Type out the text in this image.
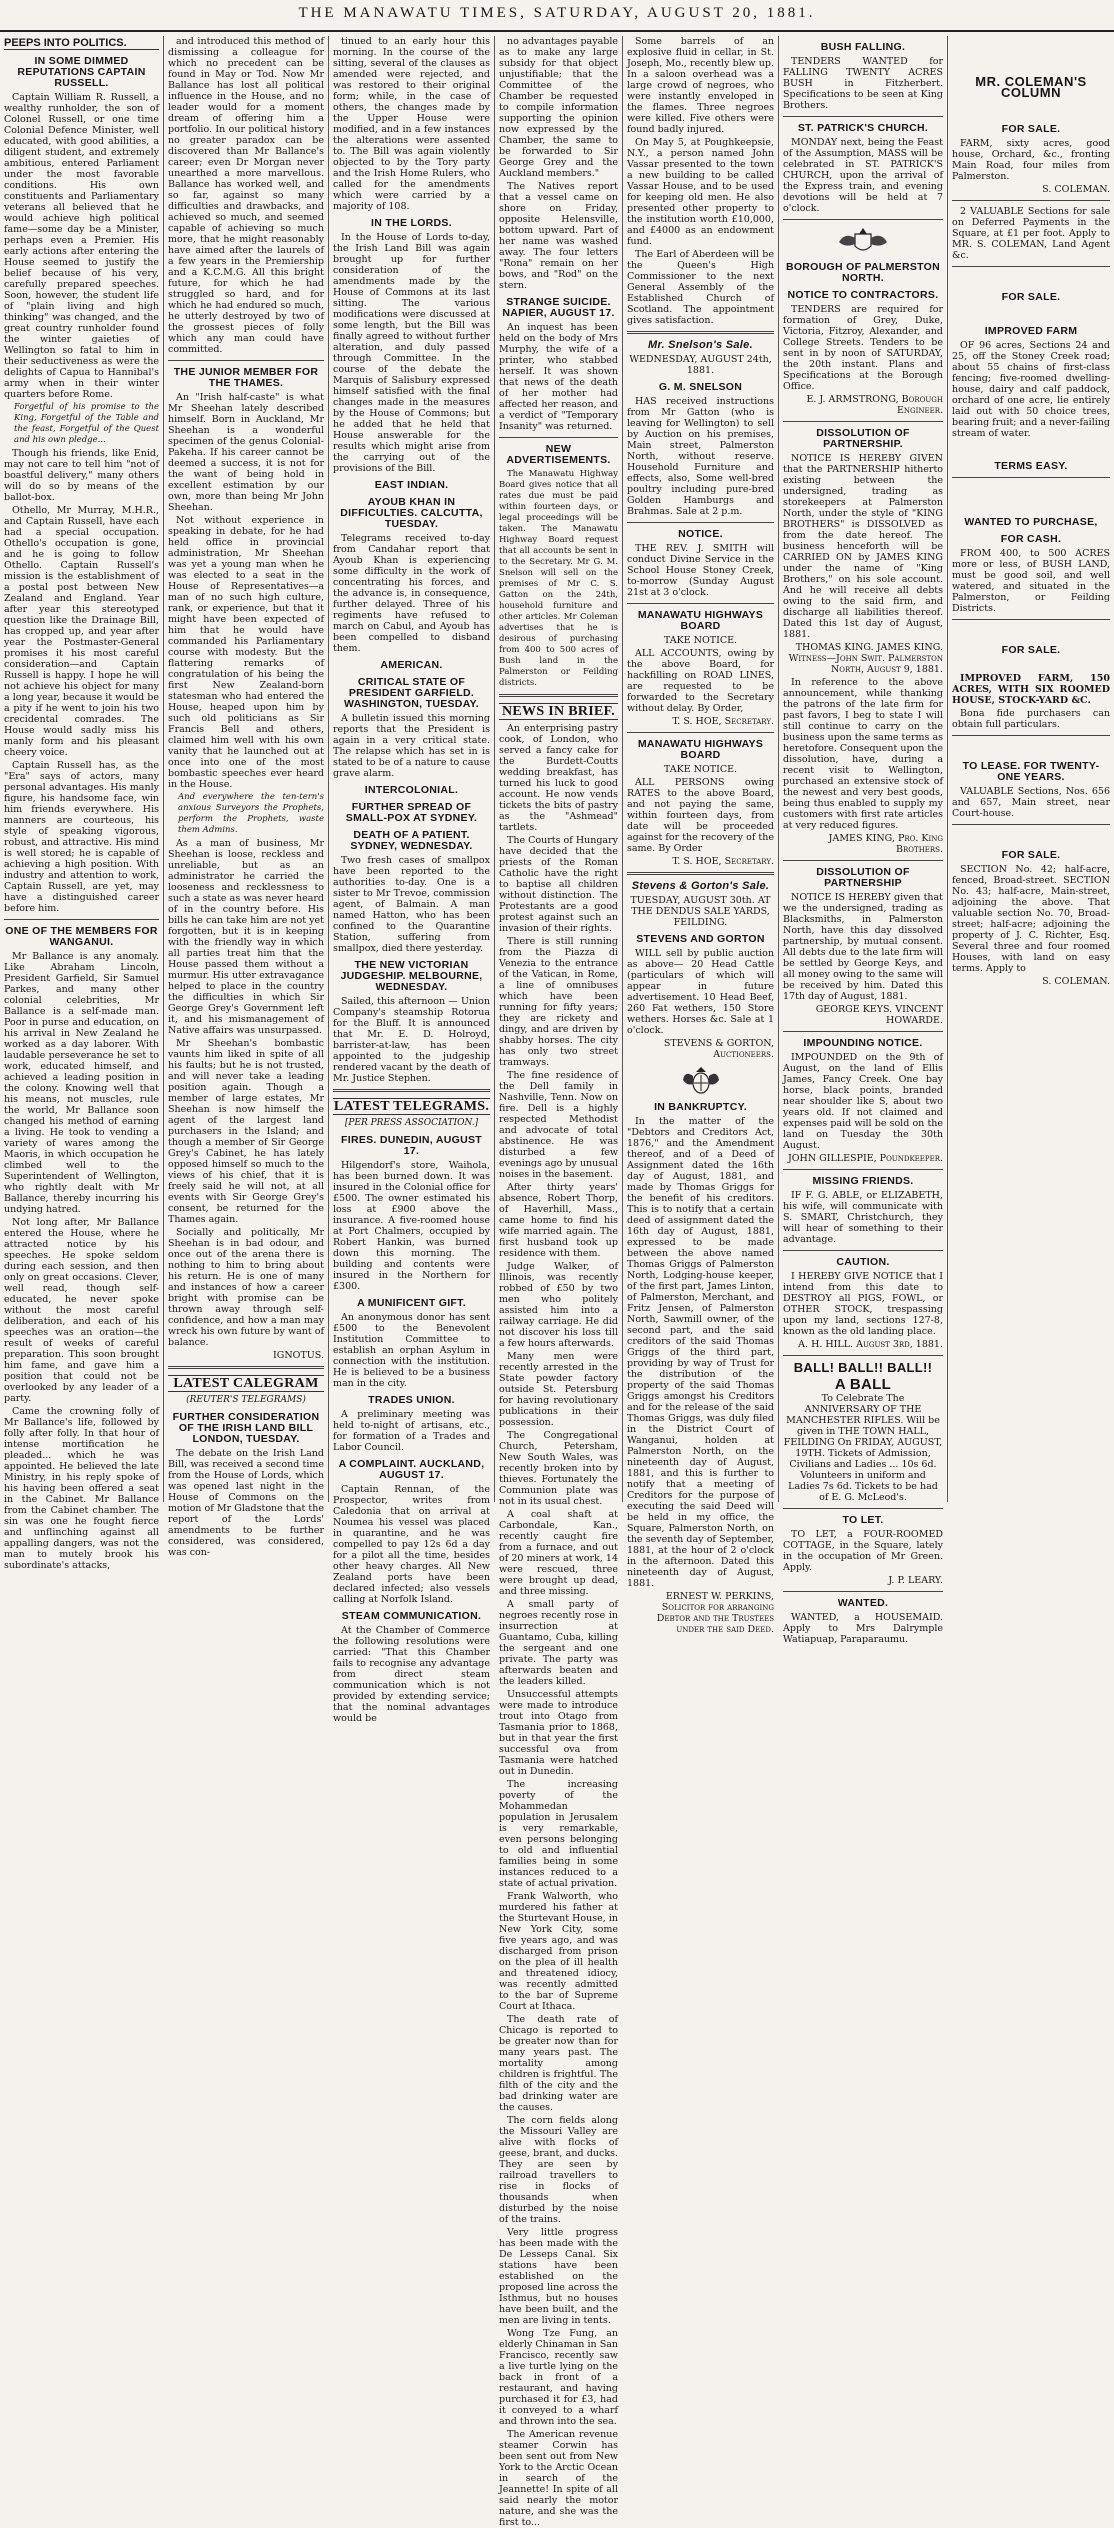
THE MANAWATU TIMES, SATURDAY, AUGUST 20, 1881.
PEEPS INTO POLITICS.
IN SOME DIMMED REPUTATIONS CAPTAIN RUSSELL.

Captain William R. Russell, a wealthy runholder, the son of Colonel Russell, or one time Colonial Defence Minister, well educated, with good abilities, a diligent student, and extremely ambitious, entered Parliament under the most favorable conditions. His own constituents and Parliamentary veterans all believed that he would achieve high political fame—some day be a Minister, perhaps even a Premier. His early actions after entering the House seemed to justify the belief because of his very, carefully prepared speeches. Soon, however, the student life of "plain living and high thinking" was changed, and the great country runholder found the winter gaieties of Wellington so fatal to him in their seductiveness as were the delights of Capua to Hannibal's army when in their winter quarters before Rome.

Forgetful of his promise to the King, Forgetful of the Table and the feast, Forgetful of the Quest and his own pledge...

Though his friends, like Enid, may not care to tell him "not of boastful delivery," many others will do so by means of the ballot-box.

Othello, Mr Murray, M.H.R., and Captain Russell, have each had a special occupation. Othello's occupation is gone, and he is going to follow Othello. Captain Russell's mission is the establishment of a postal post between New Zealand and England. Year after year this stereotyped question like the Drainage Bill, has cropped up, and year after year the Postmaster-General promises it his most careful consideration—and Captain Russell is happy. I hope he will not achieve his object for many a long year, because it would be a pity if he went to join his two crecidental comrades. The House would sadly miss his manly form and his pleasant cheery voice.

Captain Russell has, as the "Era" says of actors, many personal advantages. His manly figure, his handsome face, win him friends everywhere. His manners are courteous, his style of speaking vigorous, robust, and attractive. His mind is well stored; he is capable of achieving a high position. With industry and attention to work, Captain Russell, are yet, may have a distinguished career before him.

ONE OF THE MEMBERS FOR WANGANUI.

Mr Ballance is any anomaly. Like Abraham Lincoln, President Garfield, Sir Samuel Parkes, and many other colonial celebrities, Mr Ballance is a self-made man. Poor in purse and education, on his arrival in New Zealand he worked as a day laborer. With laudable perseverance he set to work, educated himself, and achieved a leading position in the colony. Knowing well that his means, not muscles, rule the world, Mr Ballance soon changed his method of earning a living. He took to vending a variety of wares among the Maoris, in which occupation he climbed well to the Superintendent of Wellington, who rightly dealt with Mr Ballance, thereby incurring his undying hatred.

Not long after, Mr Ballance entered the House, where he attracted notice by his speeches. He spoke seldom during each session, and then only on great occasions. Clever, well read, though self-educated, he never spoke without the most careful deliberation, and each of his speeches was an oration—the result of weeks of careful preparation. This soon brought him fame, and gave him a position that could not be overlooked by any leader of a party.

Came the crowning folly of Mr Ballance's life, followed by folly after folly. In that hour of intense mortification he pleaded... which he was appointed. He believed the late Ministry, in his reply spoke of his having been offered a seat in the Cabinet. Mr Ballance from the Cabinet chamber. The sin was one he fought fierce and unflinching against all appalling dangers, was not the man to mutely brook his subordinate's attacks,

and introduced this method of dismissing a colleague for which no precedent can be found in May or Tod. Now Mr Ballance has lost all political influence in the House, and no leader would for a moment dream of offering him a portfolio. In our political history no greater paradox can be discovered than Mr Ballance's career; even Dr Morgan never unearthed a more marvellous. Ballance has worked well, and so far, against so many difficulties and drawbacks, and achieved so much, and seemed capable of achieving so much more, that he might reasonably have aimed after the laurels of a few years in the Premiership and a K.C.M.G. All this bright future, for which he had struggled so hard, and for which he had endured so much, he utterly destroyed by two of the grossest pieces of folly which any man could have committed.

THE JUNIOR MEMBER FOR THE THAMES.

An "Irish half-caste" is what Mr Sheehan lately described himself. Born in Auckland, Mr Sheehan is a wonderful specimen of the genus Colonial-Pakeha. If his career cannot be deemed a success, it is not for the want of being hold in excellent estimation by our own, more than being Mr John Sheehan.

Not without experience in speaking in debate, for he had held office in provincial administration, Mr Sheehan was yet a young man when he was elected to a seat in the House of Representatives—a man of no such high culture, rank, or experience, but that it might have been expected of him that he would have commanded his Parliamentary course with modesty. But the flattering remarks of congratulation of his being the first New Zealand-born statesman who had entered the House, heaped upon him by such old politicians as Sir Francis Bell and others, claimed him well with his own vanity that he launched out at once into one of the most bombastic speeches ever heard in the House.

And everywhere the ten-tern's anxious Surveyors the Prophets, perform the Prophets, waste them Admins.

As a man of business, Mr Sheehan is loose, reckless and unreliable, but as an administrator he carried the looseness and recklessness to such a state as was never heard of in the country before. His bills he can take him are not yet forgotten, but it is in keeping with the friendly way in which all parties treat him that the House passed them without a murmur. His utter extravagance helped to place in the country the difficulties in which Sir George Grey's Government left it, and his mismanagement of Native affairs was unsurpassed.

Mr Sheehan's bombastic vaunts him liked in spite of all his faults; but he is not trusted, and will never take a leading position again. Though a member of large estates, Mr Sheehan is now himself the agent of the largest land purchasers in the Island; and though a member of Sir George Grey's Cabinet, he has lately opposed himself so much to the views of his chief, that it is freely said he will not, at all events with Sir George Grey's consent, be returned for the Thames again.

Socially and politically, Mr Sheehan is in bad odour, and once out of the arena there is nothing to him to bring about his return. He is one of many and instances of how a career bright with promise can be thrown away through self-confidence, and how a man may wreck his own future by want of balance.

IGNOTUS.
LATEST CALEGRAM
(REUTER'S TELEGRAMS)
FURTHER CONSIDERATION OF THE IRISH LAND BILL LONDON, TUESDAY.

The debate on the Irish Land Bill, was received a second time from the House of Lords, which was opened last night in the House of Commons on the motion of Mr Gladstone that the report of the Lords' amendments to be further considered, was considered, was con-

tinued to an early hour this morning. In the course of the sitting, several of the clauses as amended were rejected, and was restored to their original form; while, in the case of others, the changes made by the Upper House were modified, and in a few instances the alterations were assented to. The Bill was again violently objected to by the Tory party and the Irish Home Rulers, who called for the amendments which were carried by a majority of 108.

IN THE LORDS.

In the House of Lords to-day, the Irish Land Bill was again brought up for further consideration of the amendments made by the House of Commons at its last sitting. The various modifications were discussed at some length, but the Bill was finally agreed to without further alteration, and duly passed through Committee. In the course of the debate the Marquis of Salisbury expressed himself satisfied with the final changes made in the measures by the House of Commons; but he added that he held that House answerable for the results which might arise from the carrying out of the provisions of the Bill.

EAST INDIAN.
AYOUB KHAN IN DIFFICULTIES. CALCUTTA, TUESDAY.

Telegrams received to-day from Candahar report that Ayoub Khan is experiencing some difficulty in the work of concentrating his forces, and the advance is, in consequence, further delayed. Three of his regiments have refused to march on Cabul, and Ayoub has been compelled to disband them.

AMERICAN.
CRITICAL STATE OF PRESIDENT GARFIELD. WASHINGTON, TUESDAY.

A bulletin issued this morning reports that the President is again in a very critical state. The relapse which has set in is stated to be of a nature to cause grave alarm.

INTERCOLONIAL.
FURTHER SPREAD OF SMALL-POX AT SYDNEY.
DEATH OF A PATIENT. SYDNEY, WEDNESDAY.

Two fresh cases of smallpox have been reported to the authorities to-day. One is a sister to Mr Trevoe, commission agent, of Balmain. A man named Hatton, who has been confined to the Quarantine Station, suffering from smallpox, died there yesterday.

THE NEW VICTORIAN JUDGESHIP. MELBOURNE, WEDNESDAY.

Sailed, this afternoon — Union Company's steamship Rotorua for the Bluff. It is announced that Mr. E. D. Holroyd, barrister-at-law, has been appointed to the judgeship rendered vacant by the death of Mr. Justice Stephen.

LATEST TELEGRAMS.
[PER PRESS ASSOCIATION.]
FIRES. DUNEDIN, AUGUST 17.

Hilgendorf's store, Waihola, has been burned down. It was insured in the Colonial office for £500. The owner estimated his loss at £900 above the insurance. A five-roomed house at Port Chalmers, occupied by Robert Hankin, was burned down this morning. The building and contents were insured in the Northern for £300.

A MUNIFICENT GIFT.

An anonymous donor has sent £500 to the Benevolent Institution Committee to establish an orphan Asylum in connection with the institution. He is believed to be a business man in the city.

TRADES UNION.

A preliminary meeting was held to-night of artisans, etc., for formation of a Trades and Labor Council.

A COMPLAINT. AUCKLAND, AUGUST 17.

Captain Rennan, of the Prospector, writes from Caledonia that on arrival at Noumea his vessel was placed in quarantine, and he was compelled to pay 12s 6d a day for a pilot all the time, besides other heavy charges. All New Zealand ports have been declared infected; also vessels calling at Norfolk Island.

STEAM COMMUNICATION.

At the Chamber of Commerce the following resolutions were carried: "That this Chamber fails to recognise any advantage from direct steam communication which is not provided by extending service; that the nominal advantages would be

no advantages payable as to make any large subsidy for that object unjustifiable; that the Committee of the Chamber be requested to compile information supporting the opinion now expressed by the Chamber, the same to be forwarded to Sir George Grey and the Auckland members."

The Natives report that a vessel came on shore on Friday, opposite Helensville, bottom upward. Part of her name was washed away. The four letters "Rona" remain on her bows, and "Rod" on the stern.

STRANGE SUICIDE. NAPIER, AUGUST 17.

An inquest has been held on the body of Mrs Murphy, the wife of a printer, who stabbed herself. It was shown that news of the death of her mother had affected her reason, and a verdict of "Temporary Insanity" was returned.

NEW ADVERTISEMENTS.

The Manawatu Highway Board gives notice that all rates due must be paid within fourteen days, or legal proceedings will be taken. The Manawatu Highway Board request that all accounts be sent in to the Secretary. Mr G. M. Snelson will sell on the premises of Mr C. S. Gatton on the 24th, household furniture and other articles. Mr Coleman advertises that he is desirous of purchasing from 400 to 500 acres of Bush land in the Palmerston or Feilding districts.

NEWS IN BRIEF.

An enterprising pastry cook, of London, who served a fancy cake for the Burdett-Coutts wedding breakfast, has turned his luck to good account. He now vends tickets the bits of pastry as the "Ashmead" tartlets.

The Courts of Hungary have decided that the priests of the Roman Catholic have the right to baptise all children without distinction. The Protestants are a good protest against such an invasion of their rights.

There is still running from the Piazza di Venezia to the entrance of the Vatican, in Rome, a line of omnibuses which have been running for fifty years; they are rickety and dingy, and are driven by shabby horses. The city has only two street tramways.

The fine residence of the Dell family in Nashville, Tenn. Now on fire. Dell is a highly respected Methodist and advocate of total abstinence. He was disturbed a few evenings ago by unusual noises in the basement.

After thirty years' absence, Robert Thorp, of Haverhill, Mass., came home to find his wife married again. The first husband took up residence with them.

Judge Walker, of Illinois, was recently robbed of £50 by two men who politely assisted him into a railway carriage. He did not discover his loss till a few hours afterwards.

Many men were recently arrested in the State powder factory outside St. Petersburg for having revolutionary publications in their possession.

The Congregational Church, Petersham, New South Wales, was recently broken into by thieves. Fortunately the Communion plate was not in its usual chest.

A coal shaft at Carbondale, Kan., recently caught fire from a furnace, and out of 20 miners at work, 14 were rescued, three were brought up dead, and three missing.

A small party of negroes recently rose in insurrection at Guantamo, Cuba, killing the sergeant and one private. The party was afterwards beaten and the leaders killed.

Unsuccessful attempts were made to introduce trout into Otago from Tasmania prior to 1868, but in that year the first successful ova from Tasmania were hatched out in Dunedin.

The increasing poverty of the Mohammedan population in Jerusalem is very remarkable, even persons belonging to old and influential families being in some instances reduced to a state of actual privation.

Frank Walworth, who murdered his father at the Sturtevant House, in New York City, some five years ago, and was discharged from prison on the plea of ill health and threatened idiocy, was recently admitted to the bar of Supreme Court at Ithaca.

The death rate of Chicago is reported to be greater now than for many years past. The mortality among children is frightful. The filth of the city and the bad drinking water are the causes.

The corn fields along the Missouri Valley are alive with flocks of geese, brant, and ducks. They are seen by railroad travellers to rise in flocks of thousands when disturbed by the noise of the trains.

Very little progress has been made with the De Lesseps Canal. Six stations have been established on the proposed line across the Isthmus, but no houses have been built, and the men are living in tents.

Wong Tze Fung, an elderly Chinaman in San Francisco, recently saw a live turtle lying on the back in front of a restaurant, and having purchased it for £3, had it conveyed to a wharf and thrown into the sea.

The American revenue steamer Corwin has been sent out from New York to the Arctic Ocean in search of the Jeannette! In spite of all said nearly the motor nature, and she was the first to...

Some barrels of an explosive fluid in cellar, in St. Joseph, Mo., recently blew up. In a saloon overhead was a large crowd of negroes, who were instantly enveloped in the flames. Three negroes were killed. Five others were found badly injured.

On May 5, at Poughkeepsie, N.Y., a person named John Vassar presented to the town a new building to be called Vassar House, and to be used for keeping old men. He also presented other property to the institution worth £10,000, and £4000 as an endowment fund.

The Earl of Aberdeen will be the Queen's High Commissioner to the next General Assembly of the Established Church of Scotland. The appointment gives satisfaction.

Mr. Snelson's Sale.
WEDNESDAY, AUGUST 24th, 1881.
G. M. SNELSON

HAS received instructions from Mr Gatton (who is leaving for Wellington) to sell by Auction on his premises, Main street, Palmerston North, without reserve. Household Furniture and effects, also, Some well-bred poultry including pure-bred Golden Hamburgs and Brahmas. Sale at 2 p.m.

NOTICE.

THE REV. J. SMITH will conduct Divine Service in the School House Stoney Creek, to-morrow (Sunday August 21st at 3 o'clock.

MANAWATU HIGHWAYS BOARD
TAKE NOTICE.

ALL ACCOUNTS, owing by the above Board, for hackfilling on ROAD LINES, are requested to be forwarded to the Secretary without delay. By Order,

T. S. HOE, Secretary.
MANAWATU HIGHWAYS BOARD
TAKE NOTICE.

ALL PERSONS owing RATES to the above Board, and not paying the same, within fourteen days, from date will be proceeded against for the recovery of the same. By Order

T. S. HOE, Secretary.
Stevens & Gorton's Sale.
TUESDAY, AUGUST 30th. AT THE DENDUS SALE YARDS, FEILDING.
STEVENS AND GORTON

WILL sell by public auction as above— 20 Head Cattle (particulars of which will appear in future advertisement. 10 Head Beef, 260 Fat wethers, 150 Store wethers. Horses &c. Sale at 1 o'clock.

STEVENS & GORTON, Auctioneers.
IN BANKRUPTCY.

In the matter of the "Debtors and Creditors Act, 1876," and the Amendment thereof, and of a Deed of Assignment dated the 16th day of August, 1881, and made by Thomas Griggs for the benefit of his creditors. This is to notify that a certain deed of assignment dated the 16th day of August, 1881, expressed to be made between the above named Thomas Griggs of Palmerston North, Lodging-house keeper, of the first part, James Linton, of Palmerston, Merchant, and Fritz Jensen, of Palmerston North, Sawmill owner, of the second part, and the said creditors of the said Thomas Griggs of the third part, providing by way of Trust for the distribution of the property of the said Thomas Griggs amongst his Creditors and for the release of the said Thomas Griggs, was duly filed in the District Court of Wanganui, holden at Palmerston North, on the nineteenth day of August, 1881, and this is further to notify that a meeting of Creditors for the purpose of executing the said Deed will be held in my office, the Square, Palmerston North, on the seventh day of September, 1881, at the hour of 2 o'clock in the afternoon. Dated this nineteenth day of August, 1881.

ERNEST W. PERKINS, Solicitor for arranging Debtor and the Trustees under the said Deed.
BUSH FALLING.

TENDERS WANTED for FALLING TWENTY ACRES BUSH in Fitzherbert. Specifications to be seen at King Brothers.

ST. PATRICK'S CHURCH.

MONDAY next, being the Feast of the Assumption, MASS will be celebrated in ST. PATRICK'S CHURCH, upon the arrival of the Express train, and evening devotions will be held at 7 o'clock.

BOROUGH OF PALMERSTON NORTH.
NOTICE TO CONTRACTORS.

TENDERS are required for formation of Grey, Duke, Victoria, Fitzroy, Alexander, and College Streets. Tenders to be sent in by noon of SATURDAY, the 20th instant. Plans and Specifications at the Borough Office.

E. J. ARMSTRONG, Borough Engineer.
DISSOLUTION OF PARTNERSHIP.

NOTICE IS HEREBY GIVEN that the PARTNERSHIP hitherto existing between the undersigned, trading as storekeepers at Palmerston North, under the style of "KING BROTHERS" is DISSOLVED as from the date hereof. The business henceforth will be CARRIED ON by JAMES KING under the name of "King Brothers," on his sole account. And he will receive all debts owing to the said firm, and discharge all liabilities thereof. Dated this 1st day of August, 1881.

THOMAS KING. JAMES KING. Witness—John Swit. Palmerston North, August 9, 1881.

In reference to the above announcement, while thanking the patrons of the late firm for past favors, I beg to state I will still continue to carry on the business upon the same terms as heretofore. Consequent upon the dissolution, have, during a recent visit to Wellington, purchased an extensive stock of the newest and very best goods, being thus enabled to supply my customers with first rate articles at very reduced figures.

JAMES KING, Pro. King Brothers.
DISSOLUTION OF PARTNERSHIP

NOTICE IS HEREBY given that we the undersigned, trading as Blacksmiths, in Palmerston North, have this day dissolved partnership, by mutual consent. All debts due to the late firm will be settled by George Keys, and all money owing to the same will be received by him. Dated this 17th day of August, 1881.

GEORGE KEYS. VINCENT HOWARDE.
IMPOUNDING NOTICE.

IMPOUNDED on the 9th of August, on the land of Ellis James, Fancy Creek. One bay horse, black points, branded near shoulder like S, about two years old. If not claimed and expenses paid will be sold on the land on Tuesday the 30th August.

JOHN GILLESPIE, Poundkeeper.
MISSING FRIENDS.

IF F. G. ABLE, or ELIZABETH, his wife, will communicate with S. SMART, Christchurch, they will hear of something to their advantage.

CAUTION.

I HEREBY GIVE NOTICE that I intend from this date to DESTROY all PIGS, FOWL, or OTHER STOCK, trespassing upon my land, sections 127-8, known as the old landing place.

A. H. HILL. August 3rd, 1881.
BALL! BALL!! BALL!!
A BALL

To Celebrate The ANNIVERSARY OF THE MANCHESTER RIFLES. Will be given in THE TOWN HALL, FEILDING On FRIDAY, AUGUST, 19TH. Tickets of Admission, Civilians and Ladies ... 10s 6d. Volunteers in uniform and Ladies 7s 6d. Tickets to be had of E. G. McLeod's.

TO LET.

TO LET, a FOUR-ROOMED COTTAGE, in the Square, lately in the occupation of Mr Green. Apply.

J. P. LEARY.
WANTED.

WANTED, a HOUSEMAID. Apply to Mrs Dalrymple Watiapuap, Paraparaumu.

MR. COLEMAN'S COLUMN
FOR SALE.

FARM, sixty acres, good house, Orchard, &c., fronting Main Road, four miles from Palmerston.

S. COLEMAN.

2 VALUABLE Sections for sale on Deferred Payments in the Square, at £1 per foot. Apply to MR. S. COLEMAN, Land Agent &c.

FOR SALE.
IMPROVED FARM

OF 96 acres, Sections 24 and 25, off the Stoney Creek road; about 55 chains of first-class fencing; five-roomed dwelling-house, dairy and calf paddock, orchard of one acre, lie entirely laid out with 50 choice trees, bearing fruit; and a never-failing stream of water.

TERMS EASY.
WANTED TO PURCHASE,
FOR CASH.

FROM 400, to 500 ACRES more or less, of BUSH LAND, must be good soil, and well watered, and situated in the Palmerston, or Feilding Districts.

FOR SALE.

IMPROVED FARM, 150 ACRES, WITH SIX ROOMED HOUSE, STOCK-YARD &C.

Bona fide purchasers can obtain full particulars.

TO LEASE. FOR TWENTY-ONE YEARS.

VALUABLE Sections, Nos. 656 and 657, Main street, near Court-house.

FOR SALE.

SECTION No. 42; half-acre, fenced, Broad-street. SECTION No. 43; half-acre, Main-street, adjoining the above. That valuable section No. 70, Broad-street; half-acre; adjoining the property of J. C. Richter, Esq. Several three and four roomed Houses, with land on easy terms. Apply to

S. COLEMAN.
